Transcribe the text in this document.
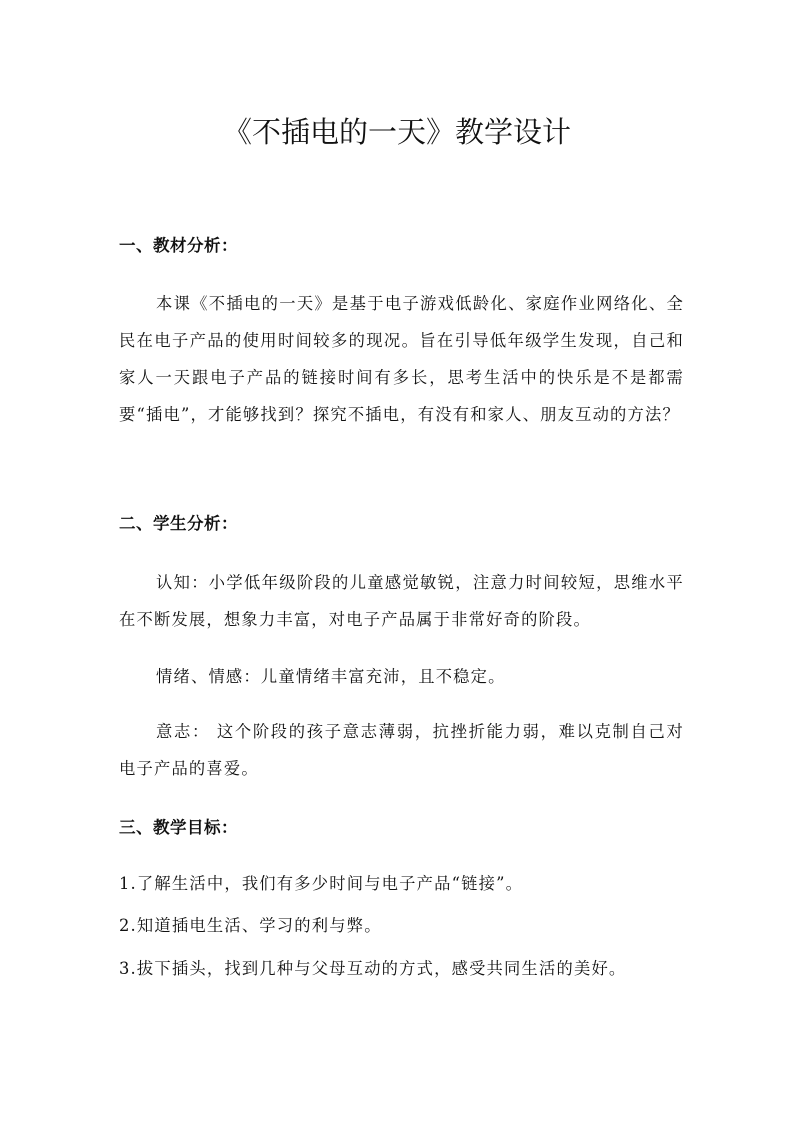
《不插电的一天》教学设计
一、教材分析：

本课《不插电的一天》是基于电子游戏低龄化、家庭作业网络化、全民在电子产品的使用时间较多的现况。旨在引导低年级学生发现，自己和家人一天跟电子产品的链接时间有多长，思考生活中的快乐是不是都需要“插电”，才能够找到？探究不插电，有没有和家人、朋友互动的方法？

二、学生分析：

认知：小学低年级阶段的儿童感觉敏锐，注意力时间较短，思维水平在不断发展，想象力丰富，对电子产品属于非常好奇的阶段。

情绪、情感：儿童情绪丰富充沛，且不稳定。

意志： 这个阶段的孩子意志薄弱，抗挫折能力弱，难以克制自己对电子产品的喜爱。

三、教学目标：

1.了解生活中，我们有多少时间与电子产品“链接”。

2.知道插电生活、学习的利与弊。

3.拔下插头，找到几种与父母互动的方式，感受共同生活的美好。
